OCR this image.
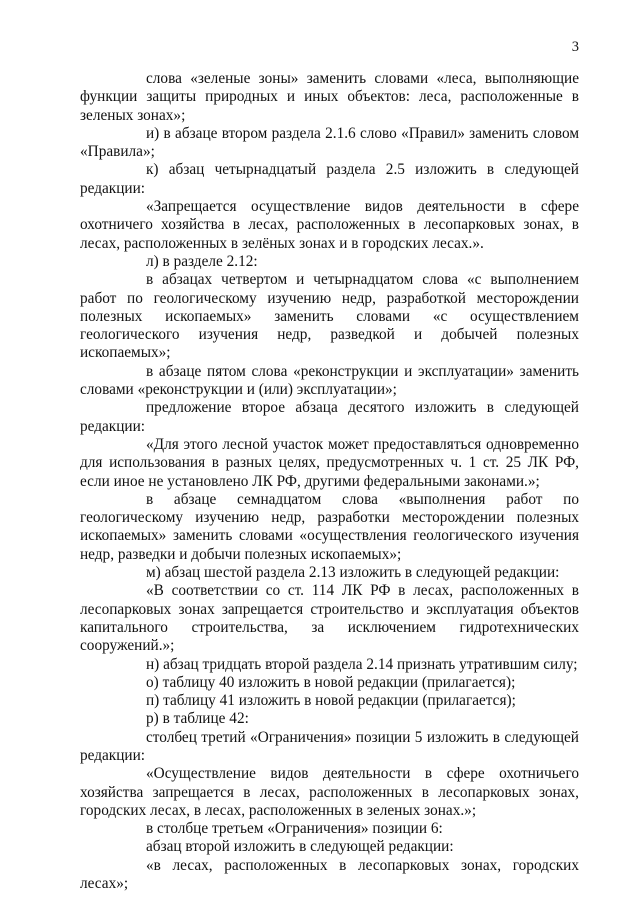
3

слова «зеленые зоны» заменить словами «леса, выполняющие функции защиты природных и иных объектов: леса, расположенные в зеленых зонах»;

и) в абзаце втором раздела 2.1.6 слово «Правил» заменить словом «Правила»;

к) абзац четырнадцатый раздела 2.5 изложить в следующей редакции:

«Запрещается осуществление видов деятельности в сфере охотничего хозяйства в лесах, расположенных в лесопарковых зонах, в лесах, расположенных в зелёных зонах и в городских лесах.».

л) в разделе 2.12:

в абзацах четвертом и четырнадцатом слова «с выполнением работ по геологическому изучению недр, разработкой месторождении полезных ископаемых» заменить словами «с осуществлением геологического изучения недр, разведкой и добычей полезных ископаемых»;

в абзаце пятом слова «реконструкции и эксплуатации» заменить словами «реконструкции и (или) эксплуатации»;

предложение второе абзаца десятого изложить в следующей редакции:

«Для этого лесной участок может предоставляться одновременно для использования в разных целях, предусмотренных ч. 1 ст. 25 ЛК РФ, если иное не установлено ЛК РФ, другими федеральными законами.»;

в абзаце семнадцатом слова «выполнения работ по геологическому изучению недр, разработки месторождении полезных ископаемых» заменить словами «осуществления геологического изучения недр, разведки и добычи полезных ископаемых»;

м) абзац шестой раздела 2.13 изложить в следующей редакции:

«В соответствии со ст. 114 ЛК РФ в лесах, расположенных в лесопарковых зонах запрещается строительство и эксплуатация объектов капитального строительства, за исключением гидротехнических сооружений.»;

н) абзац тридцать второй раздела 2.14 признать утратившим силу;

о) таблицу 40 изложить в новой редакции (прилагается);

п) таблицу 41 изложить в новой редакции (прилагается);

р) в таблице 42:

столбец третий «Ограничения» позиции 5 изложить в следующей редакции:

«Осуществление видов деятельности в сфере охотничьего хозяйства запрещается в лесах, расположенных в лесопарковых зонах, городских лесах, в лесах, расположенных в зеленых зонах.»;

в столбце третьем «Ограничения» позиции 6:

абзац второй изложить в следующей редакции:

«в лесах, расположенных в лесопарковых зонах, городских лесах»;
